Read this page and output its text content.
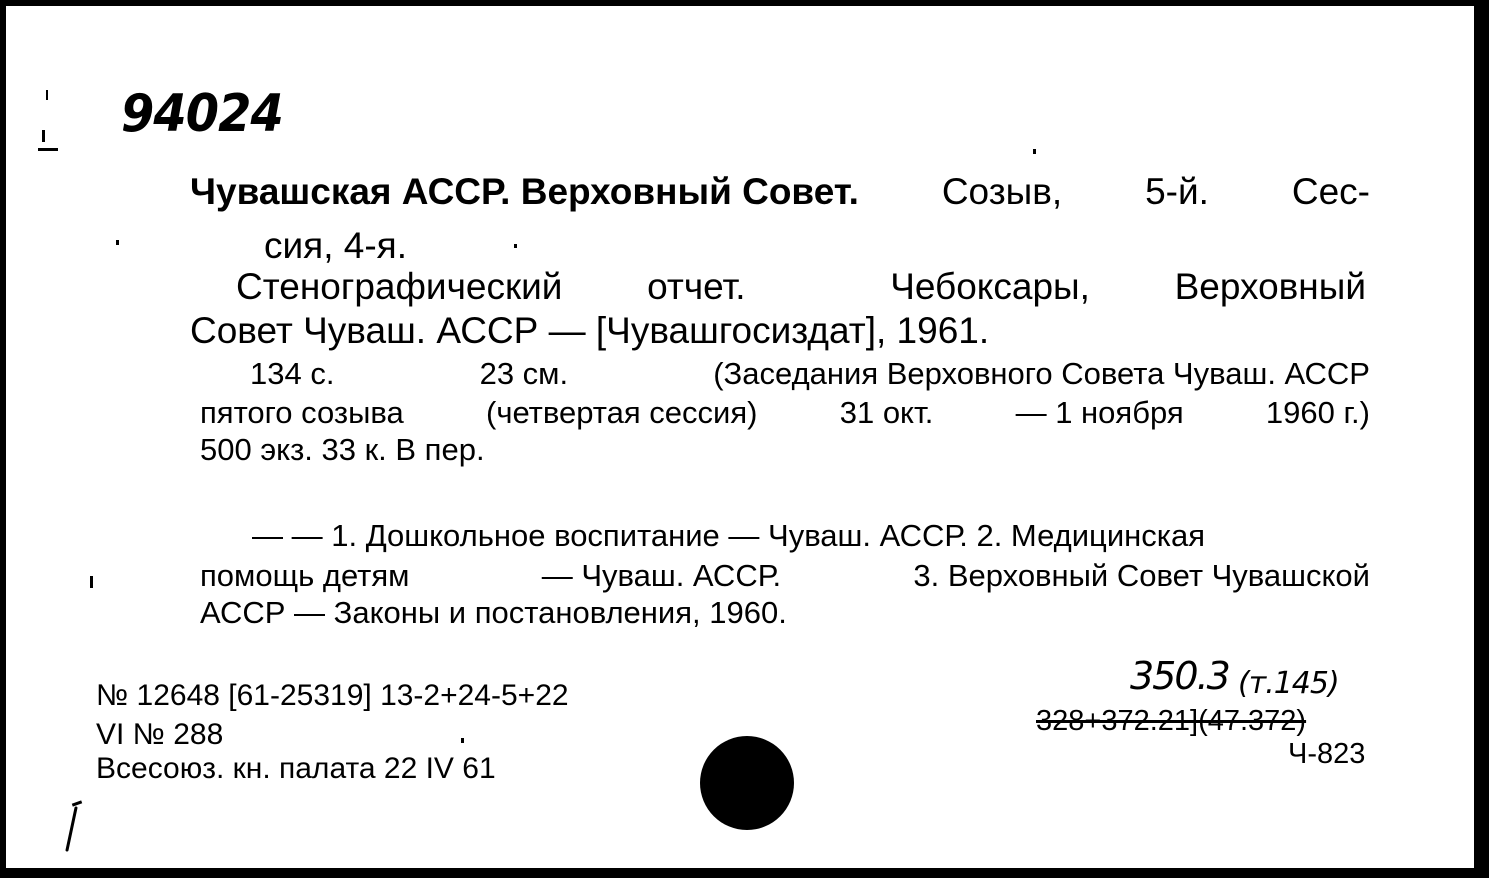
94024
Чувашская АССР. Верховный Совет. Созыв, 5-й. Сес-
сия, 4-я.
Стенографический отчет.	Чебоксары, Верховный
Совет Чуваш. АССР — [Чувашгосиздат], 1961.
134 с.	23 см.	(Заседания Верховного Совета Чуваш. АССР
пятого созыва	(четвертая сессия)	31 окт.	— 1 ноября	1960 г.)
500 экз. 33 к. В пер.
— — 1. Дошкольное воспитание — Чуваш. АССР. 2. Медицинская
помощь детям	— Чуваш. АССР.	3. Верховный Совет Чувашской
АССР — Законы и постановления, 1960.
№ 12648 [61-25319] 13-2+24-5+22
VI № 288
Всесоюз. кн. палата 22 IV 61
350.3 (т.145)
328+372.21](47.372)
Ч-823
